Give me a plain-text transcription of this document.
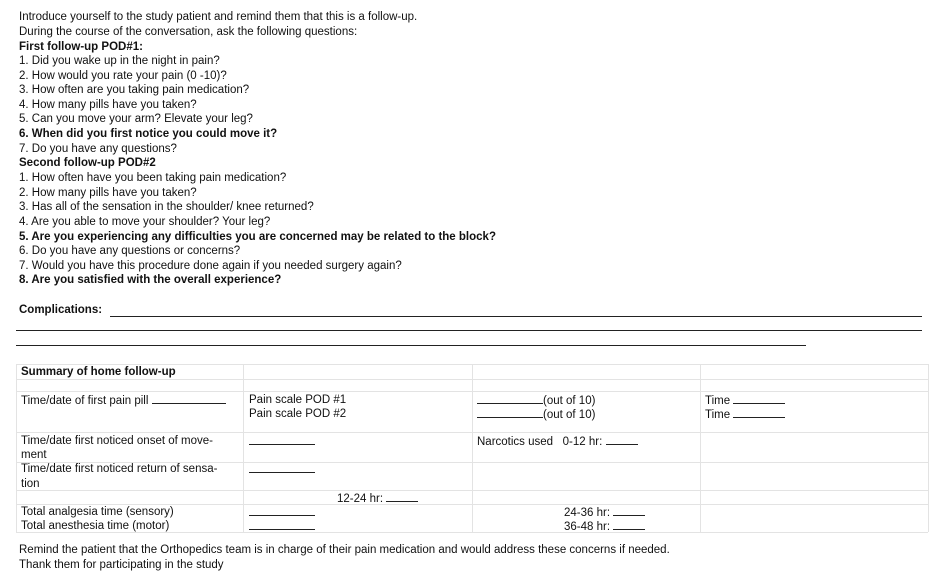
Introduce yourself to the study patient and remind them that this is a follow-up.
During the course of the conversation, ask the following questions:
First follow-up POD#1:
1. Did you wake up in the night in pain?
2. How would you rate your pain (0 -10)?
3. How often are you taking pain medication?
4. How many pills have you taken?
5. Can you move your arm? Elevate your leg?
6. When did you first notice you could move it?
7. Do you have any questions?
Second follow-up POD#2
1. How often have you been taking pain medication?
2. How many pills have you taken?
3. Has all of the sensation in the shoulder/ knee returned?
4. Are you able to move your shoulder? Your leg?
5. Are you experiencing any difficulties you are concerned may be related to the block?
6. Do you have any questions or concerns?
7. Would you have this procedure done again if you needed surgery again?
8. Are you satisfied with the overall experience?
Complications:
Summary of home follow-up
Time/date of first pain pill	Pain scale POD #1
Pain scale POD #2
(out of 10)
(out of 10)
Time
Time
Time/date first noticed onset of move-
ment
Narcotics used 0-12 hr:
Time/date first noticed return of sensa-
tion
12-24 hr:
Total analgesia time (sensory)
Total anesthesia time (motor)
24-36 hr:
36-48 hr:
Remind the patient that the Orthopedics team is in charge of their pain medication and would address these concerns if needed.
Thank them for participating in the study
